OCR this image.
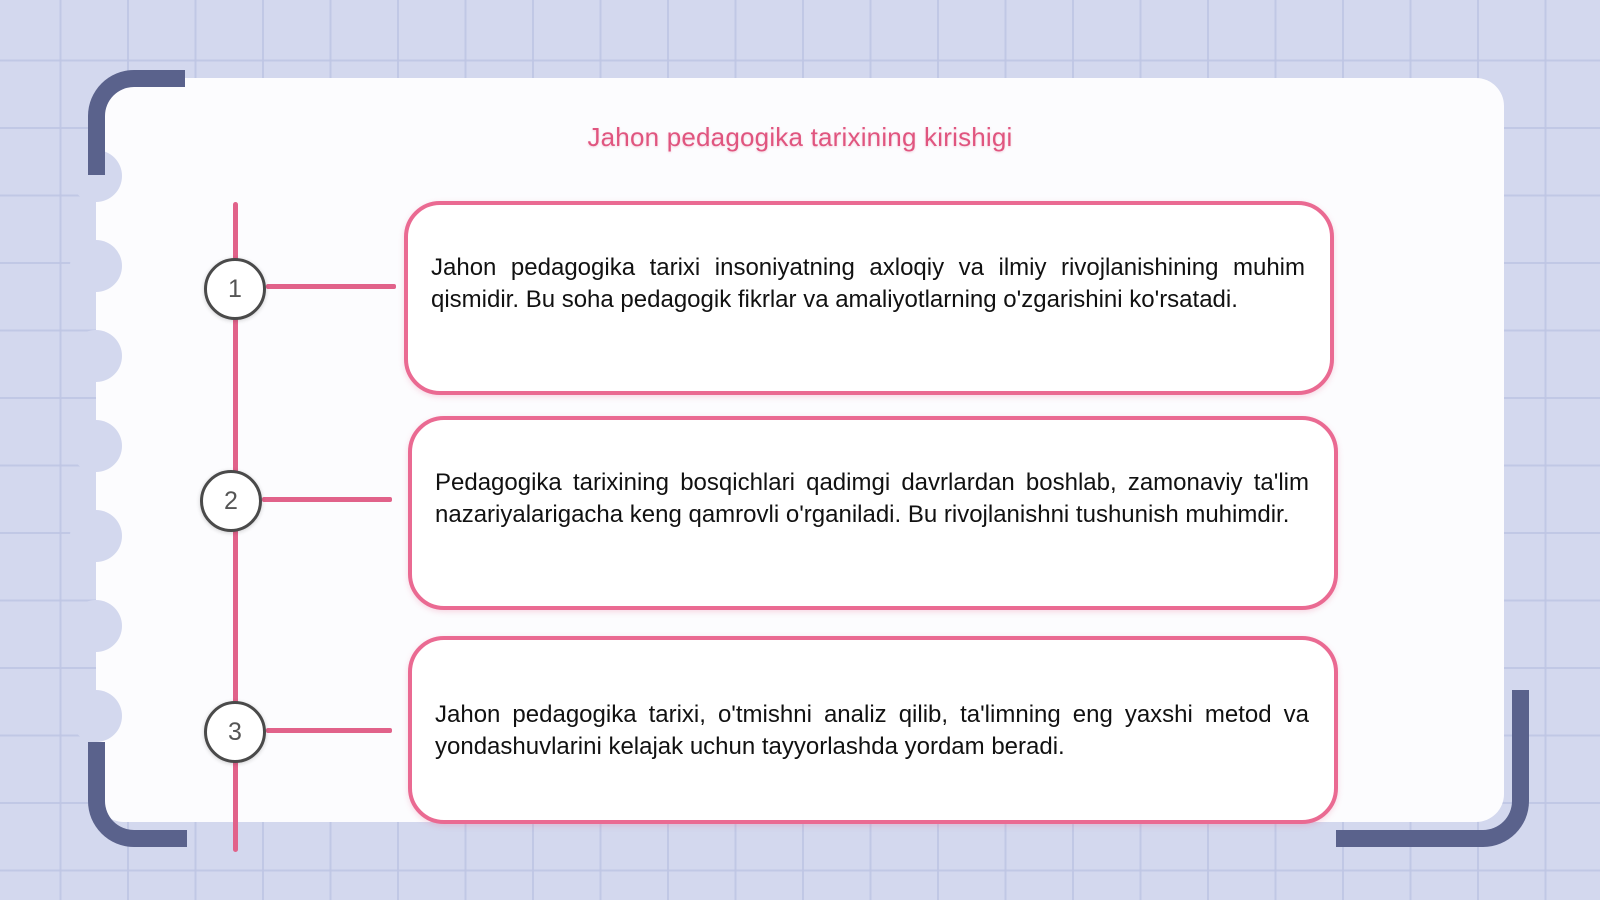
Jahon pedagogika tarixining kirishigi
1
2
3

Jahon pedagogika tarixi insoniyatning axloqiy va ilmiy rivojlanishining muhim qismidir. Bu soha pedagogik fikrlar va amaliyotlarning o'zgarishini ko'rsatadi.

Pedagogika tarixining bosqichlari qadimgi davrlardan boshlab, zamonaviy ta'lim nazariyalarigacha keng qamrovli o'rganiladi. Bu rivojlanishni tushunish muhimdir.

Jahon pedagogika tarixi, o'tmishni analiz qilib, ta'limning eng yaxshi metod va yondashuvlarini kelajak uchun tayyorlashda yordam beradi.
